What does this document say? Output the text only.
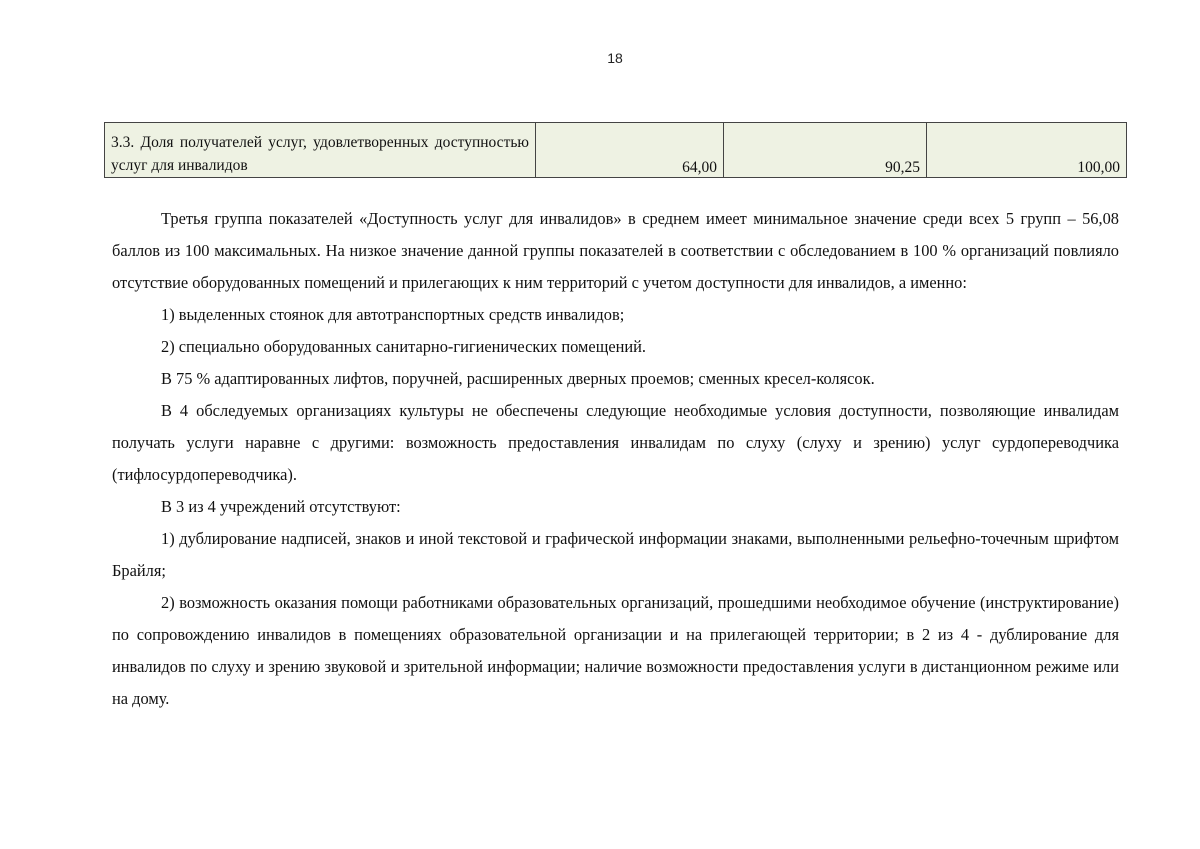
18
3.3. Доля получателей услуг, удовлетворенных доступностью услуг для инвалидов	64,00	90,25	100,00

Третья группа показателей «Доступность услуг для инвалидов» в среднем имеет минимальное значение среди всех 5 групп – 56,08 баллов из 100 максимальных. На низкое значение данной группы показателей в соответствии с обследованием в 100 % организаций повлияло отсутствие оборудованных помещений и прилегающих к ним территорий с учетом доступности для инвалидов, а именно:

1) выделенных стоянок для автотранспортных средств инвалидов;

2) специально оборудованных санитарно-гигиенических помещений.

В 75 % адаптированных лифтов, поручней, расширенных дверных проемов; сменных кресел-колясок.

В 4 обследуемых организациях культуры не обеспечены следующие необходимые условия доступности, позволяющие инвалидам получать услуги наравне с другими: возможность предоставления инвалидам по слуху (слуху и зрению) услуг сурдопереводчика (тифлосурдопереводчика).

В 3 из 4 учреждений отсутствуют:

1) дублирование надписей, знаков и иной текстовой и графической информации знаками, выполненными рельефно-точечным шрифтом Брайля;

2) возможность оказания помощи работниками образовательных организаций, прошедшими необходимое обучение (инструктирование) по сопровождению инвалидов в помещениях образовательной организации и на прилегающей территории; в 2 из 4 - дублирование для инвалидов по слуху и зрению звуковой и зрительной информации; наличие возможности предоставления услуги в дистанционном режиме или на дому.
